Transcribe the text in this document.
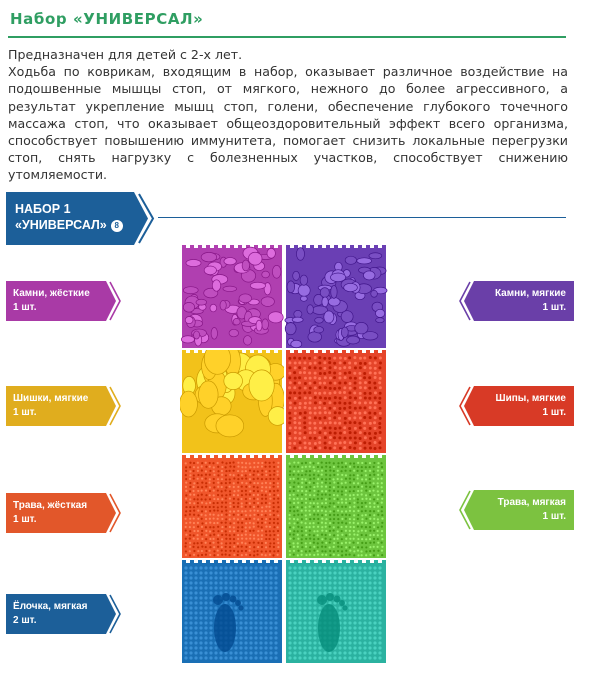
Набор «УНИВЕРСАЛ»

Предназначен для детей с 2-х лет.

Ходьба по коврикам, входящим в набор, оказывает различное воздействие на подошвенные мышцы стоп, от мягкого, нежного до более агрессивного, а результат укрепление мышц стоп, голени, обеспечение глубокого точечного массажа стоп, что оказывает общеоздоровительный эффект всего организма, способствует повышению иммунитета, помогает снизить локальные перегрузки стоп, снять нагрузку с болезненных участков, способствует снижению утомляемости.

НАБОР 1
«УНИВЕРСАЛ» 8
Камни, жёсткие
1 шт.
Шишки, мягкие
1 шт.
Трава, жёсткая
1 шт.
Ёлочка, мягкая
2 шт.
Камни, мягкие
1 шт.
Шипы, мягкие
1 шт.
Трава, мягкая
1 шт.
